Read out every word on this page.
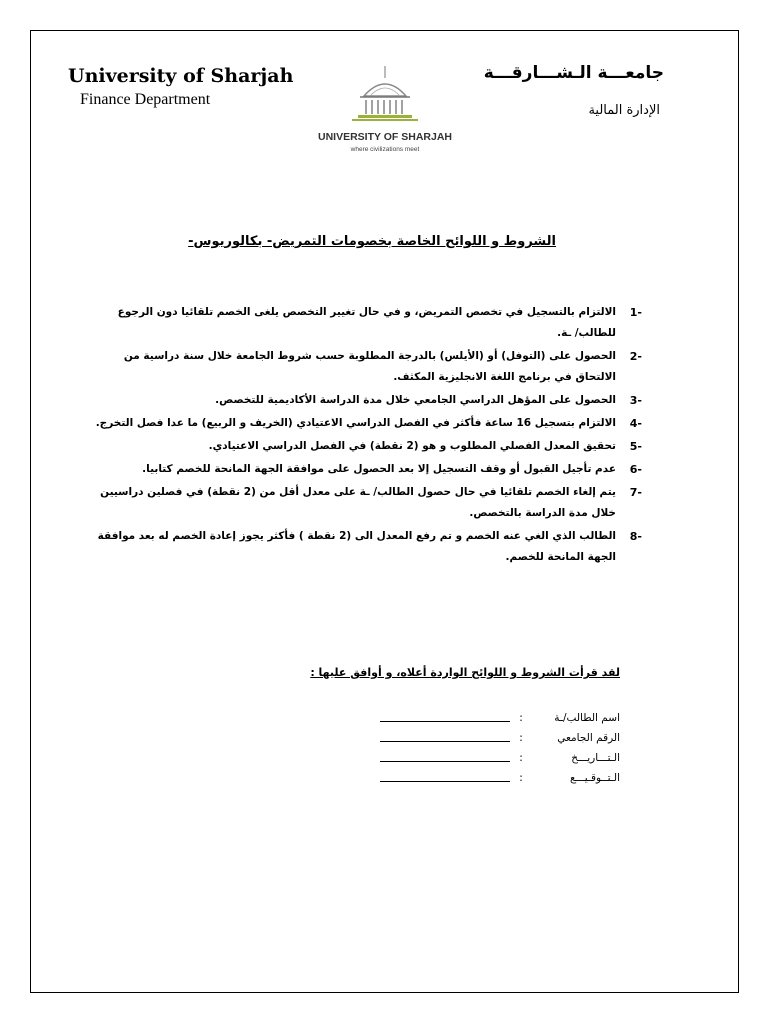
University of Sharjah
Finance Department
جامعـــة الـشـــارقـــة
الإدارة المالية
UNIVERSITY OF SHARJAH
where civilizations meet
الشروط و اللوائح الخاصة بخصومات التمريض- بكالوريوس-
-1
الالتزام بالتسجيل في تخصص التمريض، و في حال تغيير التخصص يلغى الخصم تلقائيا دون الرجوع للطالب/ ـة.
-2
الحصول على (التوفل) أو (الأيلس) بالدرجة المطلوبة حسب شروط الجامعة خلال سنة دراسية من الالتحاق في برنامج اللغة الانجليزية المكثف.
-3
الحصول على المؤهل الدراسي الجامعي خلال مدة الدراسة الأكاديمية للتخصص.
-4
الالتزام بتسجيل 16 ساعة فأكثر في الفصل الدراسي الاعتيادي (الخريف و الربيع) ما عدا فصل التخرج.
-5
تحقيق المعدل الفصلي المطلوب و هو (2 نقطة) في الفصل الدراسي الاعتيادي.
-6
عدم تأجيل القبول أو وقف التسجيل إلا بعد الحصول على موافقة الجهة المانحة للخصم كتابيا.
-7
يتم إلغاء الخصم تلقائيا في حال حصول الطالب/ ـة على معدل أقل من (2 نقطة) في فصلين دراسيين خلال مدة الدراسة بالتخصص.
-8
الطالب الذي الغي عنه الخصم و تم رفع المعدل الى (2 نقطة ) فأكثر يجوز إعادة الخصم له بعد موافقة الجهة المانحة للخصم.
لقد قرأت الشروط و اللوائح الواردة أعلاه، و أوافق عليها :
اسم الطالب/ـة
:
الرقم الجامعي
:
الـتـــاريـــخ
:
الـتــوقـيـــع
:
